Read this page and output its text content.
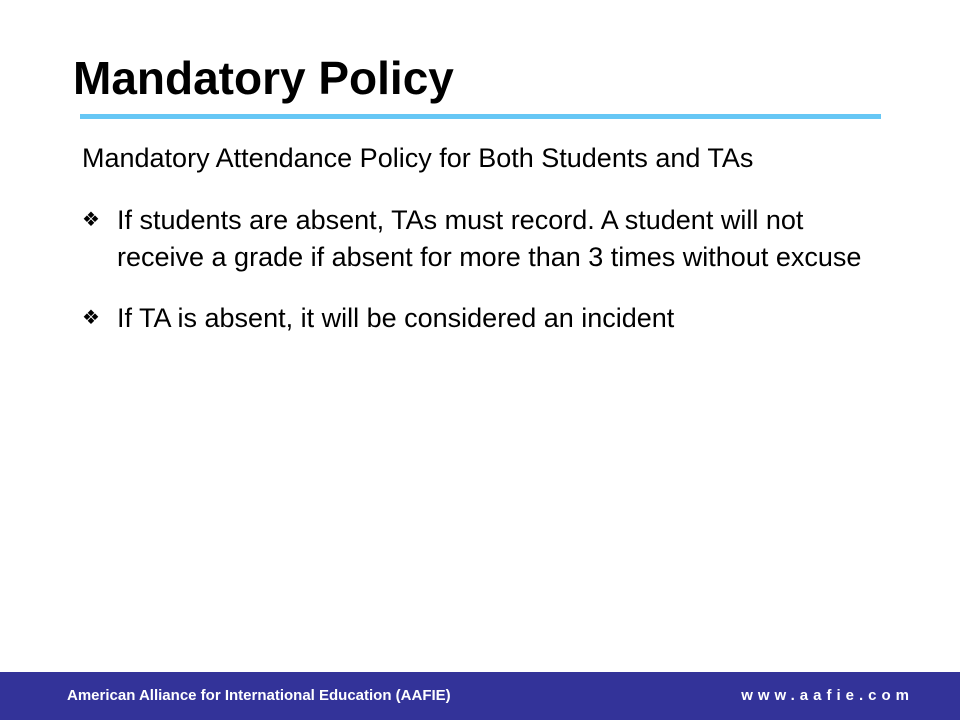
Mandatory Policy
Mandatory Attendance Policy for Both Students and TAs
❖ If students are absent, TAs must record. A student will not receive a grade if absent for more than 3 times without excuse
❖ If TA is absent, it will be considered an incident
American Alliance for International Education (AAFIE)	www.aafie.com
